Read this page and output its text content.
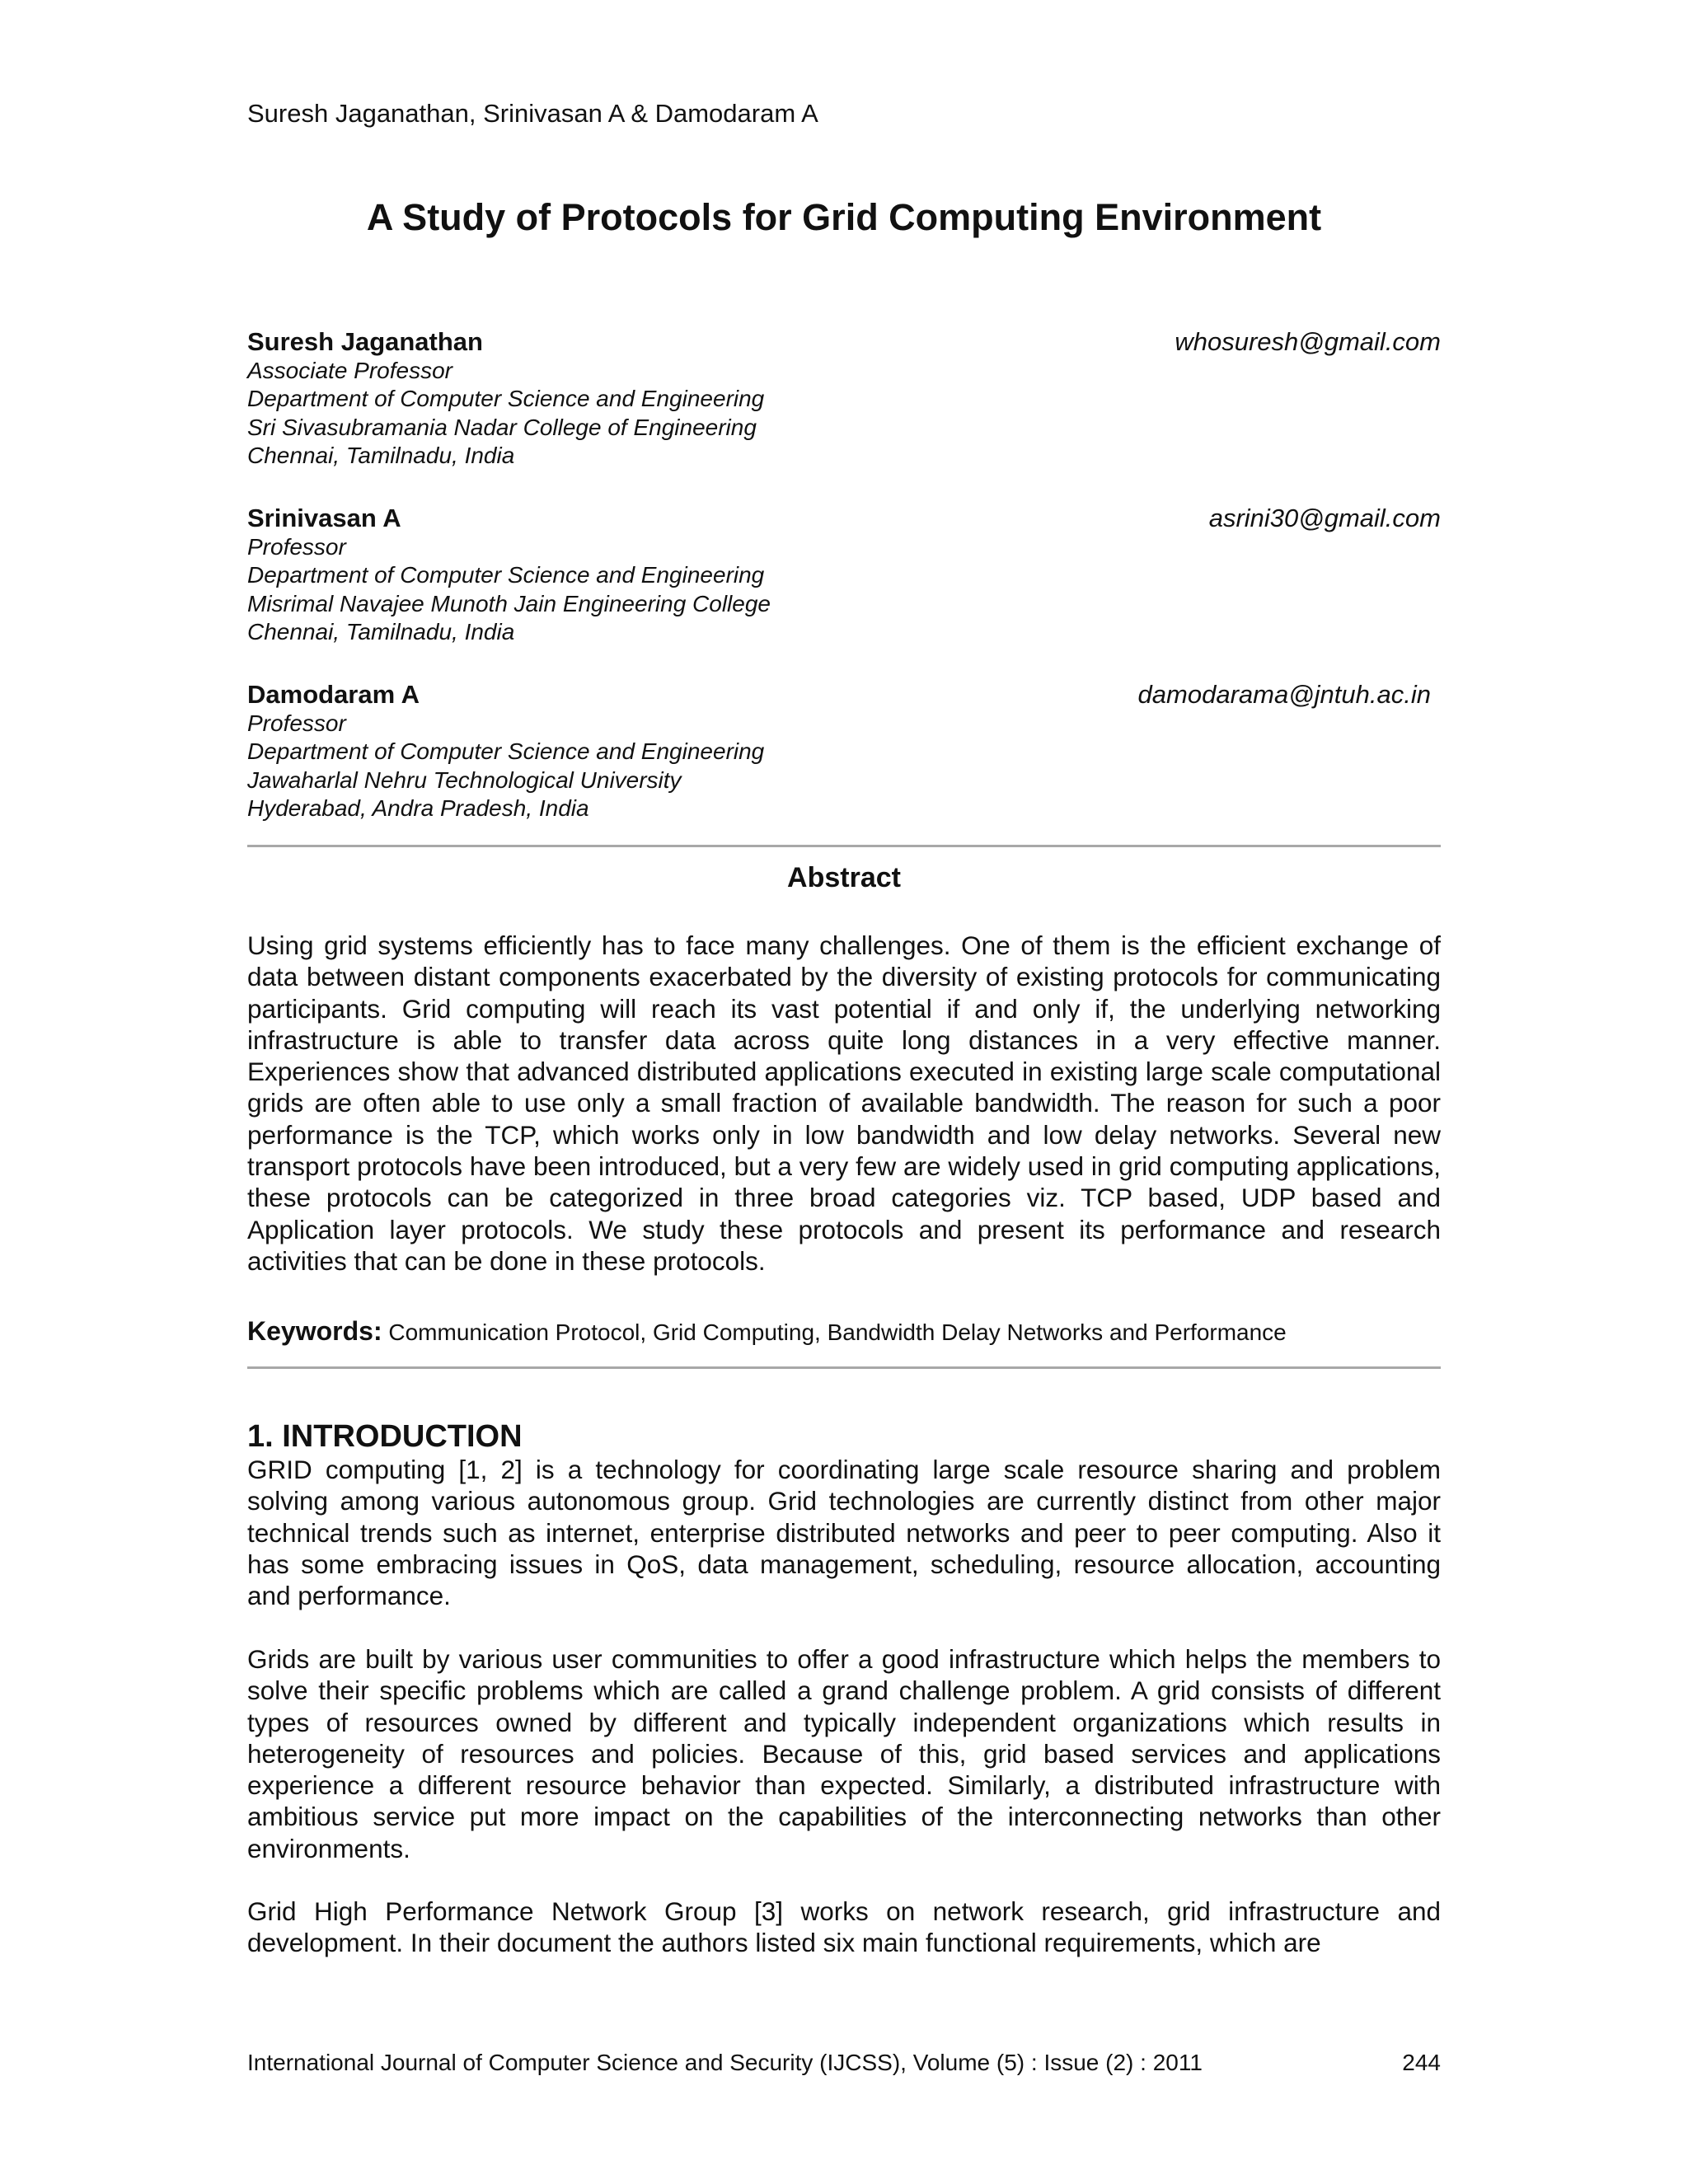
Suresh Jaganathan, Srinivasan A & Damodaram A
A Study of Protocols for Grid Computing Environment
Suresh Jaganathan	whosuresh@gmail.com
Associate Professor
Department of Computer Science and Engineering
Sri Sivasubramania Nadar College of Engineering
Chennai, Tamilnadu, India
Srinivasan A	asrini30@gmail.com
Professor
Department of Computer Science and Engineering
Misrimal Navajee Munoth Jain Engineering College
Chennai, Tamilnadu, India
Damodaram A	damodarama@jntuh.ac.in
Professor
Department of Computer Science and Engineering
Jawaharlal Nehru Technological University
Hyderabad, Andra Pradesh, India
Abstract

Using grid systems efficiently has to face many challenges. One of them is the efficient exchange of data between distant components exacerbated by the diversity of existing protocols for communicating participants. Grid computing will reach its vast potential if and only if, the underlying networking infrastructure is able to transfer data across quite long distances in a very effective manner. Experiences show that advanced distributed applications executed in existing large scale computational grids are often able to use only a small fraction of available bandwidth. The reason for such a poor performance is the TCP, which works only in low bandwidth and low delay networks. Several new transport protocols have been introduced, but a very few are widely used in grid computing applications, these protocols can be categorized in three broad categories viz. TCP based, UDP based and Application layer protocols. We study these protocols and present its performance and research activities that can be done in these protocols.

Keywords: Communication Protocol, Grid Computing, Bandwidth Delay Networks and Performance
1. INTRODUCTION

GRID computing [1, 2] is a technology for coordinating large scale resource sharing and problem solving among various autonomous group. Grid technologies are currently distinct from other major technical trends such as internet, enterprise distributed networks and peer to peer computing. Also it has some embracing issues in QoS, data management, scheduling, resource allocation, accounting and performance.

Grids are built by various user communities to offer a good infrastructure which helps the members to solve their specific problems which are called a grand challenge problem. A grid consists of different types of resources owned by different and typically independent organizations which results in heterogeneity of resources and policies. Because of this, grid based services and applications experience a different resource behavior than expected. Similarly, a distributed infrastructure with ambitious service put more impact on the capabilities of the interconnecting networks than other environments.

Grid High Performance Network Group [3] works on network research, grid infrastructure and development. In their document the authors listed six main functional requirements, which are

International Journal of Computer Science and Security (IJCSS), Volume (5) : Issue (2) : 2011	244
